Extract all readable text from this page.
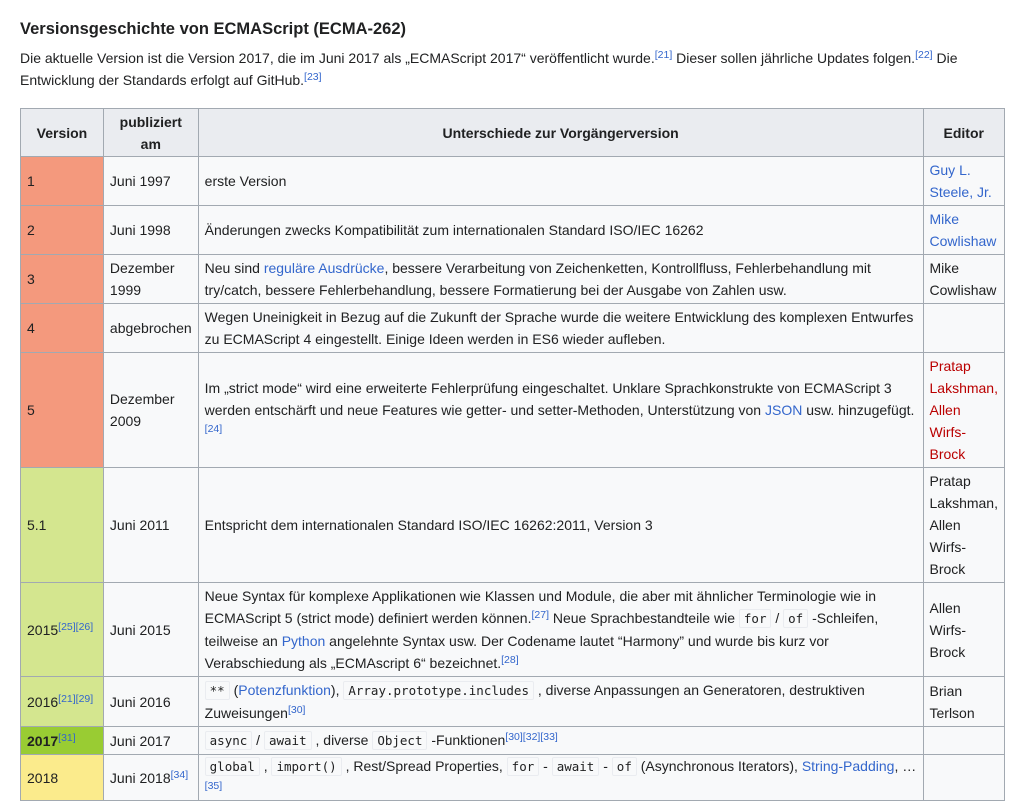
Versionsgeschichte von ECMAScript (ECMA-262)

Die aktuelle Version ist die Version 2017, die im Juni 2017 als „ECMAScript 2017“ veröffentlicht wurde.[21] Dieser sollen jährliche Updates folgen.[22] Die Entwicklung der Standards erfolgt auf GitHub.[23]

Version	publiziert am	Unterschiede zur Vorgängerversion	Editor
1	Juni 1997	erste Version	Guy L. Steele, Jr.
2	Juni 1998	Änderungen zwecks Kompatibilität zum internationalen Standard ISO/IEC 16262	Mike Cowlishaw
3	Dezember 1999	Neu sind reguläre Ausdrücke, bessere Verarbeitung von Zeichenketten, Kontrollfluss, Fehlerbehandlung mit try/catch, bessere Fehlerbehandlung, bessere Formatierung bei der Ausgabe von Zahlen usw.	Mike Cowlishaw
4	abgebrochen	Wegen Uneinigkeit in Bezug auf die Zukunft der Sprache wurde die weitere Entwicklung des komplexen Entwurfes zu ECMAScript 4 eingestellt. Einige Ideen werden in ES6 wieder aufleben.	
5	Dezember 2009	Im „strict mode“ wird eine erweiterte Fehlerprüfung eingeschaltet. Unklare Sprachkonstrukte von ECMAScript 3 werden entschärft und neue Features wie getter- und setter-Methoden, Unterstützung von JSON usw. hinzugefügt.[24]	Pratap Lakshman, Allen Wirfs-Brock
5.1	Juni 2011	Entspricht dem internationalen Standard ISO/IEC 16262:2011, Version 3	Pratap Lakshman, Allen Wirfs-Brock
2015[25][26]	Juni 2015	Neue Syntax für komplexe Applikationen wie Klassen und Module, die aber mit ähnlicher Terminologie wie in ECMAScript 5 (strict mode) definiert werden können.[27] Neue Sprachbestandteile wie for / of -Schleifen, teilweise an Python angelehnte Syntax usw. Der Codename lautet “Harmony” und wurde bis kurz vor Verabschiedung als „ECMAscript 6“ bezeichnet.[28]	Allen Wirfs-Brock
2016[21][29]	Juni 2016	** (Potenzfunktion), Array.prototype.includes , diverse Anpassungen an Generatoren, destruktiven Zuweisungen[30]	Brian Terlson
2017[31]	Juni 2017	async / await , diverse Object -Funktionen[30][32][33]	
2018	Juni 2018[34]	global , import() , Rest/Spread Properties, for - await - of (Asynchronous Iterators), String-Padding, …[35]	
